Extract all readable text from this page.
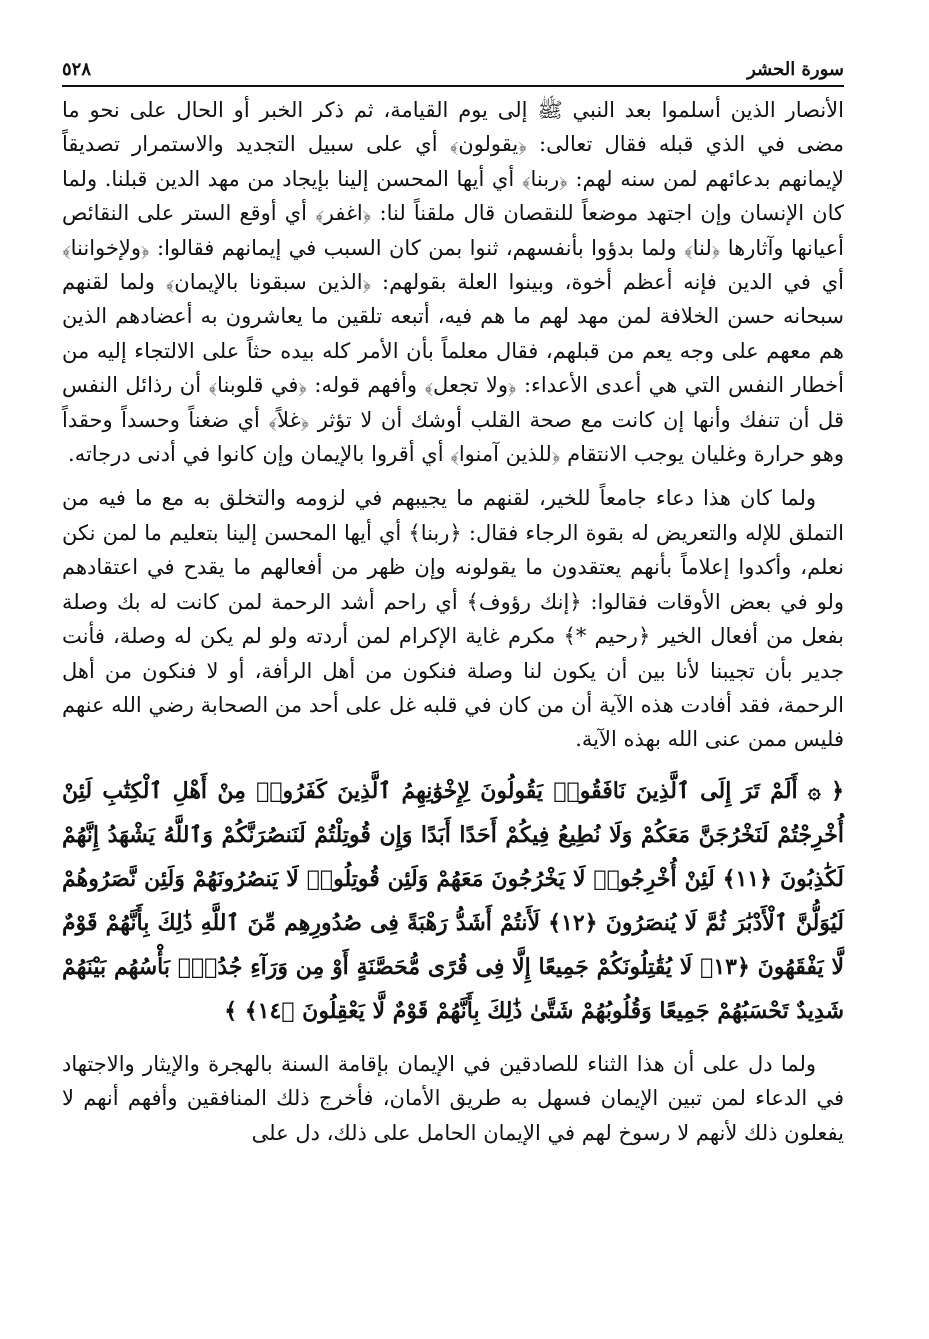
سورة الحشر
٥٢٨

الأنصار الذين أسلموا بعد النبي ﷺ إلى يوم القيامة، ثم ذكر الخبر أو الحال على نحو ما مضى في الذي قبله فقال تعالى: ﴿يقولون﴾ أي على سبيل التجديد والاستمرار تصديقاً لإيمانهم بدعائهم لمن سنه لهم: ﴿ربنا﴾ أي أيها المحسن إلينا بإيجاد من مهد الدين قبلنا. ولما كان الإنسان وإن اجتهد موضعاً للنقصان قال ملقناً لنا: ﴿اغفر﴾ أي أوقع الستر على النقائص أعيانها وآثارها ﴿لنا﴾ ولما بدؤوا بأنفسهم، ثنوا بمن كان السبب في إيمانهم فقالوا: ﴿ولإخواننا﴾ أي في الدين فإنه أعظم أخوة، وبينوا العلة بقولهم: ﴿الذين سبقونا بالإيمان﴾ ولما لقنهم سبحانه حسن الخلافة لمن مهد لهم ما هم فيه، أتبعه تلقين ما يعاشرون به أعضادهم الذين هم معهم على وجه يعم من قبلهم، فقال معلماً بأن الأمر كله بيده حثاً على الالتجاء إليه من أخطار النفس التي هي أعدى الأعداء: ﴿ولا تجعل﴾ وأفهم قوله: ﴿في قلوبنا﴾ أن رذائل النفس قل أن تنفك وأنها إن كانت مع صحة القلب أوشك أن لا تؤثر ﴿غلاً﴾ أي ضغناً وحسداً وحقداً وهو حرارة وغليان يوجب الانتقام ﴿للذين آمنوا﴾ أي أقروا بالإيمان وإن كانوا في أدنى درجاته.

ولما كان هذا دعاء جامعاً للخير، لقنهم ما يجيبهم في لزومه والتخلق به مع ما فيه من التملق للإله والتعريض له بقوة الرجاء فقال: ﴿ربنا﴾ أي أيها المحسن إلينا بتعليم ما لمن نكن نعلم، وأكدوا إعلاماً بأنهم يعتقدون ما يقولونه وإن ظهر من أفعالهم ما يقدح في اعتقادهم ولو في بعض الأوقات فقالوا: ﴿إنك رؤوف﴾ أي راحم أشد الرحمة لمن كانت له بك وصلة بفعل من أفعال الخير ﴿رحيم *﴾ مكرم غاية الإكرام لمن أردته ولو لم يكن له وصلة، فأنت جدير بأن تجيبنا لأنا بين أن يكون لنا وصلة فنكون من أهل الرأفة، أو لا فنكون من أهل الرحمة، فقد أفادت هذه الآية أن من كان في قلبه غل على أحد من الصحابة رضي الله عنهم فليس ممن عنى الله بهذه الآية.

﴿ ۞ أَلَمْ تَرَ إِلَى ٱلَّذِينَ نَافَقُوا۟ يَقُولُونَ لِإِخْوَٰنِهِمُ ٱلَّذِينَ كَفَرُوا۟ مِنْ أَهْلِ ٱلْكِتَٰبِ لَئِنْ أُخْرِجْتُمْ لَنَخْرُجَنَّ مَعَكُمْ وَلَا نُطِيعُ فِيكُمْ أَحَدًا أَبَدًا وَإِن قُوتِلْتُمْ لَنَنصُرَنَّكُمْ وَٱللَّهُ يَشْهَدُ إِنَّهُمْ لَكَٰذِبُونَ ﴿١١﴾ لَئِنْ أُخْرِجُوا۟ لَا يَخْرُجُونَ مَعَهُمْ وَلَئِن قُوتِلُوا۟ لَا يَنصُرُونَهُمْ وَلَئِن نَّصَرُوهُمْ لَيُوَلُّنَّ ٱلْأَدْبَٰرَ ثُمَّ لَا يُنصَرُونَ ﴿١٢﴾ لَأَنتُمْ أَشَدُّ رَهْبَةً فِى صُدُورِهِم مِّنَ ٱللَّهِ ذَٰلِكَ بِأَنَّهُمْ قَوْمٌ لَّا يَفْقَهُونَ ﴿١٣﴾ لَا يُقَٰتِلُونَكُمْ جَمِيعًا إِلَّا فِى قُرًى مُّحَصَّنَةٍ أَوْ مِن وَرَآءِ جُدُرٍۭ بَأْسُهُم بَيْنَهُمْ شَدِيدٌ تَحْسَبُهُمْ جَمِيعًا وَقُلُوبُهُمْ شَتَّىٰ ذَٰلِكَ بِأَنَّهُمْ قَوْمٌ لَّا يَعْقِلُونَ ﴿١٤﴾ ﴾

ولما دل على أن هذا الثناء للصادقين في الإيمان بإقامة السنة بالهجرة والإيثار والاجتهاد في الدعاء لمن تبين الإيمان فسهل به طريق الأمان، فأخرج ذلك المنافقين وأفهم أنهم لا يفعلون ذلك لأنهم لا رسوخ لهم في الإيمان الحامل على ذلك، دل على
